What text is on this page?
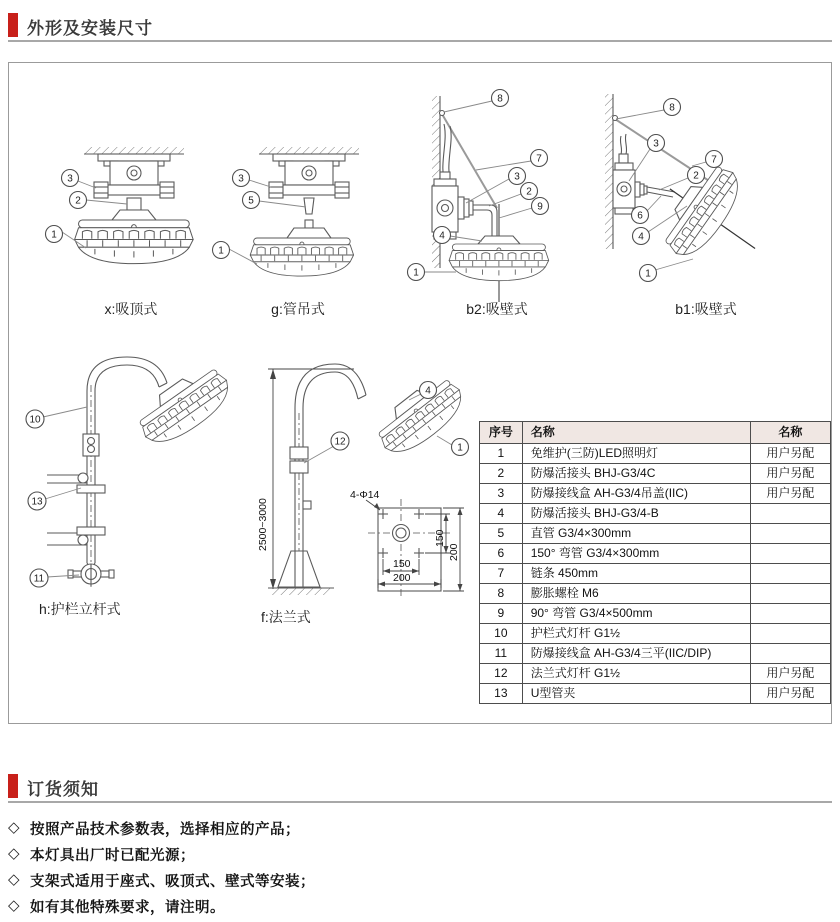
外形及安装尺寸
3
2
1
3
5
1
8
7
3
2
9
4
1
8
3
7
2
6
4
1
10
13
11
2500~3000
12
4
1
4-Φ14
150
200
150
200
x:吸顶式	g:管吊式	b2:吸壁式	b1:吸壁式
h:护栏立杆式	f:法兰式
序号	名称	名称
1	免维护(三防)LED照明灯	用户另配
2	防爆活接头 BHJ-G3/4C	用户另配
3	防爆接线盒 AH-G3/4吊盖(IIC)	用户另配
4	防爆活接头 BHJ-G3/4-B	
5	直管 G3/4×300mm	
6	150° 弯管 G3/4×300mm	
7	链条 450mm	
8	膨胀螺栓 M6	
9	90° 弯管 G3/4×500mm	
10	护栏式灯杆 G1½	
11	防爆接线盒 AH-G3/4三平(IIC/DIP)	
12	法兰式灯杆 G1½	用户另配
13	U型管夹	用户另配
订货须知
◇ 按照产品技术参数表，选择相应的产品；
◇ 本灯具出厂时已配光源；
◇ 支架式适用于座式、吸顶式、壁式等安装；
◇ 如有其他特殊要求，请注明。
